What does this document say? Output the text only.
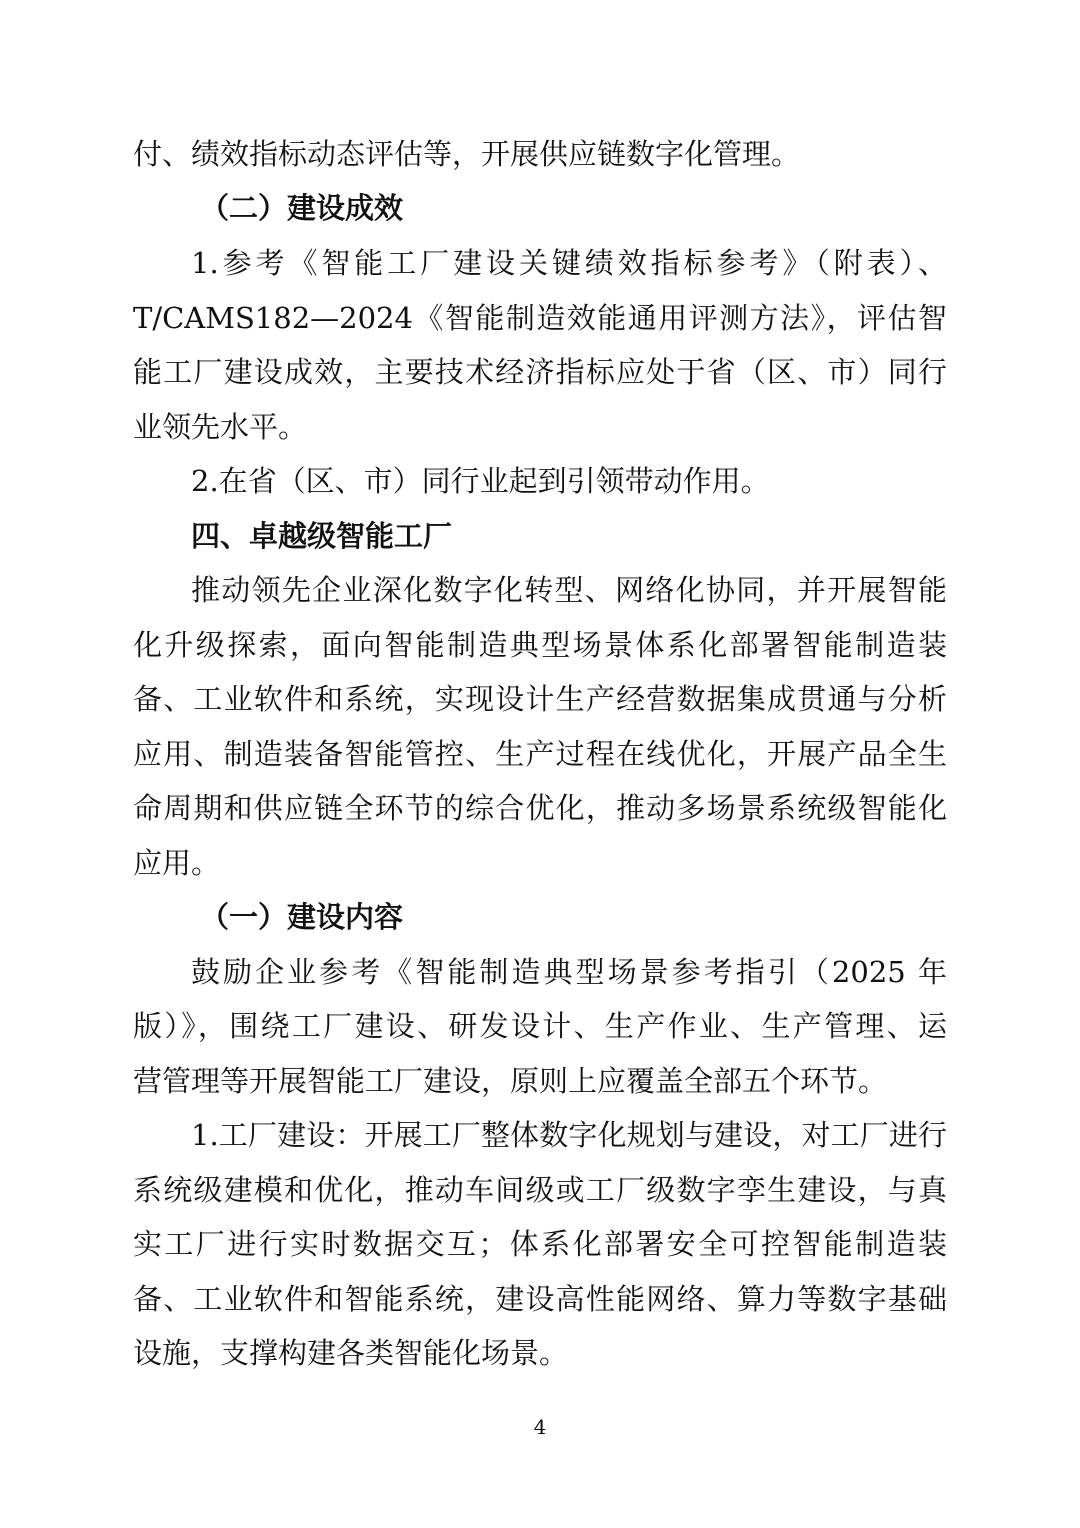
付、绩效指标动态评估等，开展供应链数字化管理。
（二）建设成效
1.参考《智能工厂建设关键绩效指标参考》（附表）、
T/CAMS182—2024《智能制造效能通用评测方法》，评估智
能工厂建设成效，主要技术经济指标应处于省（区、市）同行
业领先水平。
2.在省（区、市）同行业起到引领带动作用。
四、卓越级智能工厂
推动领先企业深化数字化转型、网络化协同，并开展智能
化升级探索，面向智能制造典型场景体系化部署智能制造装
备、工业软件和系统，实现设计生产经营数据集成贯通与分析
应用、制造装备智能管控、生产过程在线优化，开展产品全生
命周期和供应链全环节的综合优化，推动多场景系统级智能化
应用。
（一）建设内容
鼓励企业参考《智能制造典型场景参考指引（2025 年
版）》，围绕工厂建设、研发设计、生产作业、生产管理、运
营管理等开展智能工厂建设，原则上应覆盖全部五个环节。
1.工厂建设：开展工厂整体数字化规划与建设，对工厂进行
系统级建模和优化，推动车间级或工厂级数字孪生建设，与真
实工厂进行实时数据交互；体系化部署安全可控智能制造装
备、工业软件和智能系统，建设高性能网络、算力等数字基础
设施，支撑构建各类智能化场景。
4
